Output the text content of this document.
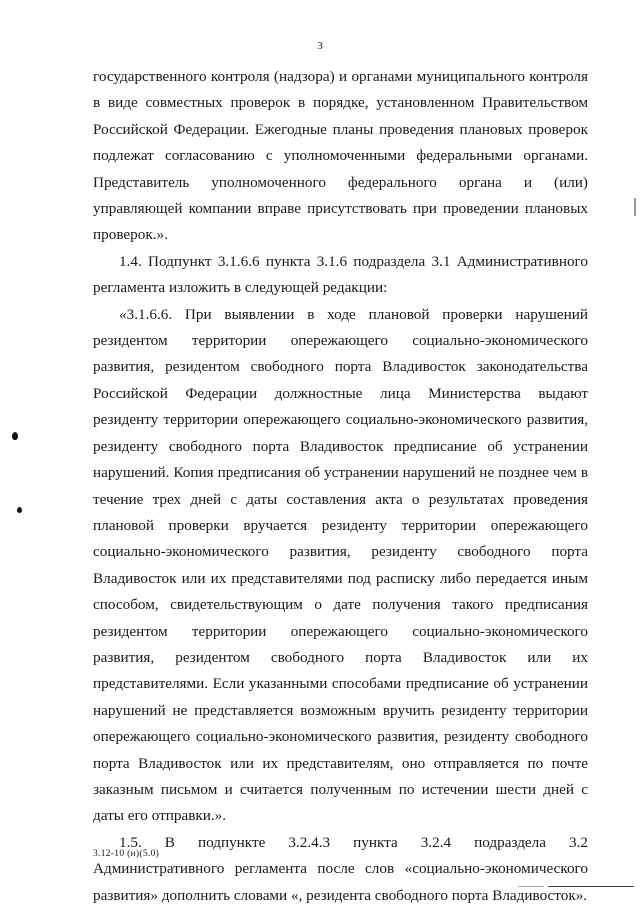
3

государственного контроля (надзора) и органами муниципального контроля в виде совместных проверок в порядке, установленном Правительством Российской Федерации. Ежегодные планы проведения плановых проверок подлежат согласованию с уполномоченными федеральными органами. Представитель уполномоченного федерального органа и (или) управляющей компании вправе присутствовать при проведении плановых проверок.».

1.4. Подпункт 3.1.6.6 пункта 3.1.6 подраздела 3.1 Административного регламента изложить в следующей редакции:

«3.1.6.6. При выявлении в ходе плановой проверки нарушений резидентом территории опережающего социально-экономического развития, резидентом свободного порта Владивосток законодательства Российской Федерации должностные лица Министерства выдают резиденту территории опережающего социально-экономического развития, резиденту свободного порта Владивосток предписание об устранении нарушений. Копия предписания об устранении нарушений не позднее чем в течение трех дней с даты составления акта о результатах проведения плановой проверки вручается резиденту территории опережающего социально-экономического развития, резиденту свободного порта Владивосток или их представителями под расписку либо передается иным способом, свидетельствующим о дате получения такого предписания резидентом территории опережающего социально-экономического развития, резидентом свободного порта Владивосток или их представителями. Если указанными способами предписание об устранении нарушений не представляется возможным вручить резиденту территории опережающего социально-экономического развития, резиденту свободного порта Владивосток или их представителям, оно отправляется по почте заказным письмом и считается полученным по истечении шести дней с даты его отправки.».

1.5. В подпункте 3.2.4.3 пункта 3.2.4 подраздела 3.2 Административного регламента после слов «социально-экономического развития» дополнить словами «, резидента свободного порта Владивосток».

3.12-10 (н)(5.0)
